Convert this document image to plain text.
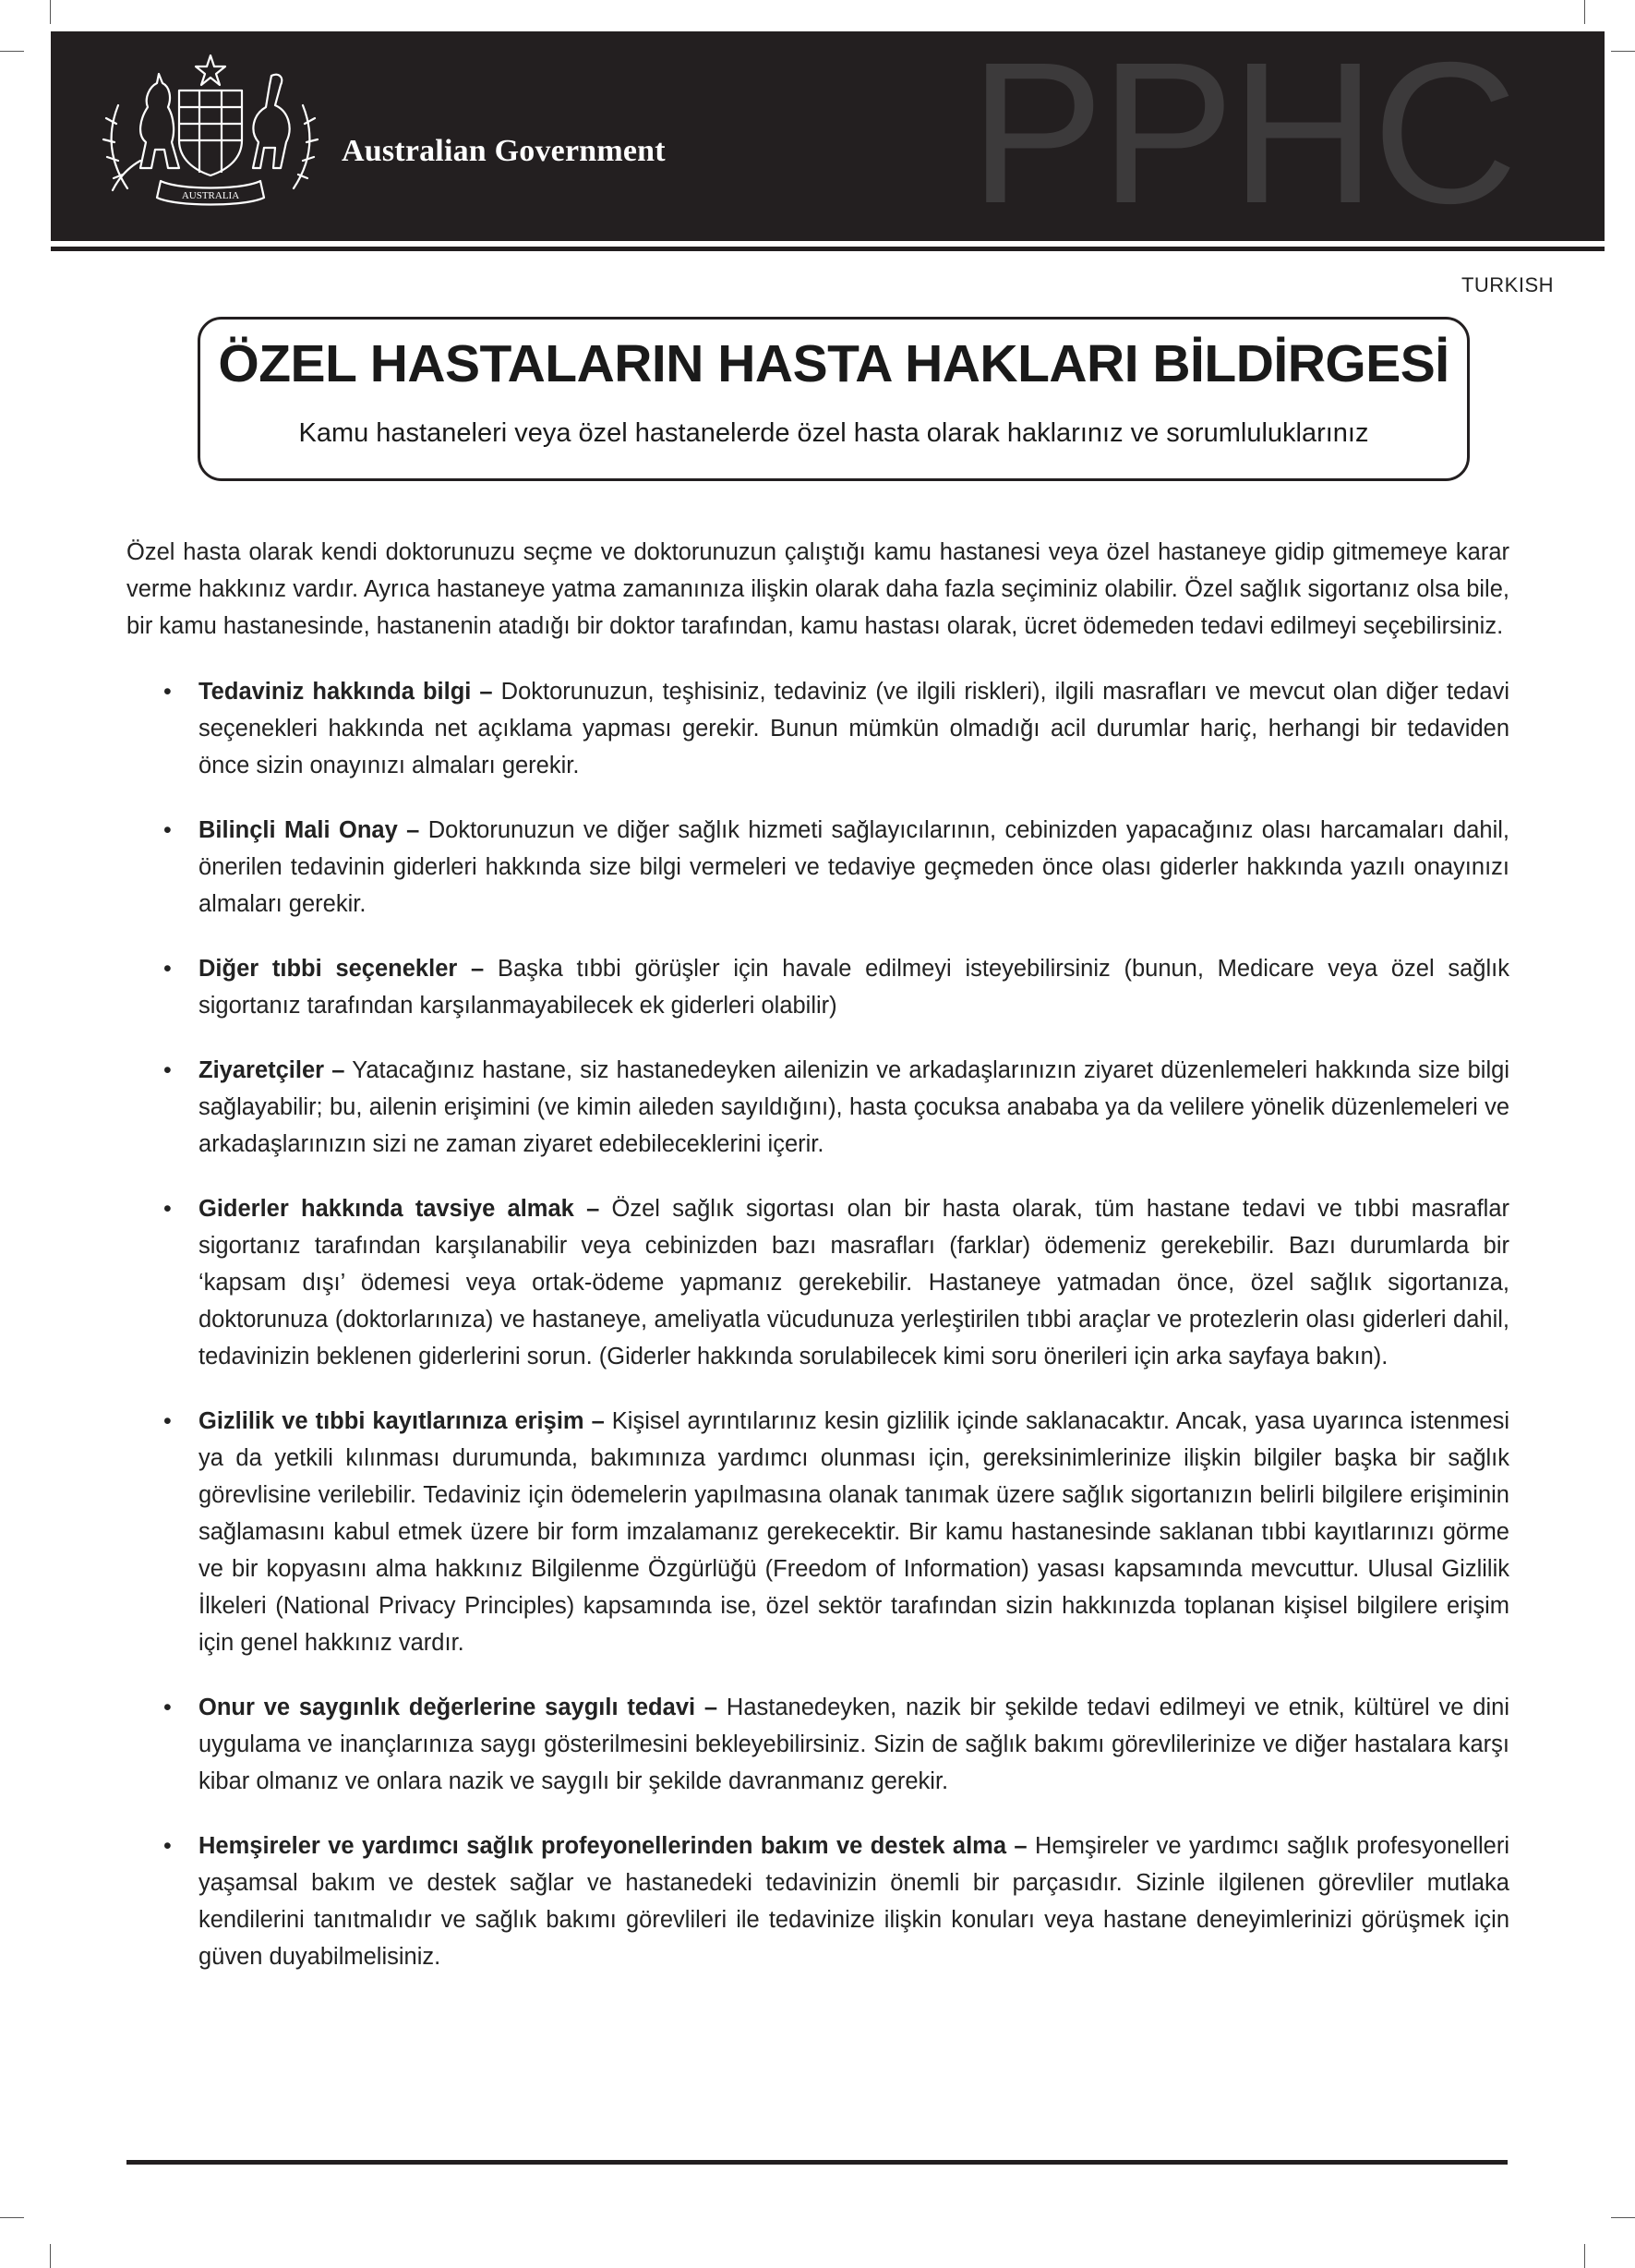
PPHC
AUSTRALIA
Australian Government
TURKISH
ÖZEL HASTALARIN HASTA HAKLARI BİLDİRGESİ
Kamu hastaneleri veya özel hastanelerde özel hasta olarak haklarınız ve sorumluluklarınız

Özel hasta olarak kendi doktorunuzu seçme ve doktorunuzun çalıştığı kamu hastanesi veya özel hastaneye gidip gitmemeye karar verme hakkınız vardır. Ayrıca hastaneye yatma zamanınıza ilişkin olarak daha fazla seçiminiz olabilir. Özel sağlık sigortanız olsa bile, bir kamu hastanesinde, hastanenin atadığı bir doktor tarafından, kamu hastası olarak, ücret ödemeden tedavi edilmeyi seçebilirsiniz.

• Tedaviniz hakkında bilgi – Doktorunuzun, teşhisiniz, tedaviniz (ve ilgili riskleri), ilgili masrafları ve mevcut olan diğer tedavi seçenekleri hakkında net açıklama yapması gerekir. Bunun mümkün olmadığı acil durumlar hariç, herhangi bir tedaviden önce sizin onayınızı almaları gerekir.
• Bilinçli Mali Onay – Doktorunuzun ve diğer sağlık hizmeti sağlayıcılarının, cebinizden yapacağınız olası harcamaları dahil, önerilen tedavinin giderleri hakkında size bilgi vermeleri ve tedaviye geçmeden önce olası giderler hakkında yazılı onayınızı almaları gerekir.
• Diğer tıbbi seçenekler – Başka tıbbi görüşler için havale edilmeyi isteyebilirsiniz (bunun, Medicare veya özel sağlık sigortanız tarafından karşılanmayabilecek ek giderleri olabilir)
• Ziyaretçiler – Yatacağınız hastane, siz hastanedeyken ailenizin ve arkadaşlarınızın ziyaret düzenlemeleri hakkında size bilgi sağlayabilir; bu, ailenin erişimini (ve kimin aileden sayıldığını), hasta çocuksa anababa ya da velilere yönelik düzenlemeleri ve arkadaşlarınızın sizi ne zaman ziyaret edebileceklerini içerir.
• Giderler hakkında tavsiye almak – Özel sağlık sigortası olan bir hasta olarak, tüm hastane tedavi ve tıbbi masraflar sigortanız tarafından karşılanabilir veya cebinizden bazı masrafları (farklar) ödemeniz gerekebilir. Bazı durumlarda bir ‘kapsam dışı’ ödemesi veya ortak-ödeme yapmanız gerekebilir. Hastaneye yatmadan önce, özel sağlık sigortanıza, doktorunuza (doktorlarınıza) ve hastaneye, ameliyatla vücudunuza yerleştirilen tıbbi araçlar ve protezlerin olası giderleri dahil, tedavinizin beklenen giderlerini sorun. (Giderler hakkında sorulabilecek kimi soru önerileri için arka sayfaya bakın).
• Gizlilik ve tıbbi kayıtlarınıza erişim – Kişisel ayrıntılarınız kesin gizlilik içinde saklanacaktır. Ancak, yasa uyarınca istenmesi ya da yetkili kılınması durumunda, bakımınıza yardımcı olunması için, gereksinimlerinize ilişkin bilgiler başka bir sağlık görevlisine verilebilir. Tedaviniz için ödemelerin yapılmasına olanak tanımak üzere sağlık sigortanızın belirli bilgilere erişiminin sağlamasını kabul etmek üzere bir form imzalamanız gerekecektir. Bir kamu hastanesinde saklanan tıbbi kayıtlarınızı görme ve bir kopyasını alma hakkınız Bilgilenme Özgürlüğü (Freedom of Information) yasası kapsamında mevcuttur. Ulusal Gizlilik İlkeleri (National Privacy Principles) kapsamında ise, özel sektör tarafından sizin hakkınızda toplanan kişisel bilgilere erişim için genel hakkınız vardır.
• Onur ve saygınlık değerlerine saygılı tedavi – Hastanedeyken, nazik bir şekilde tedavi edilmeyi ve etnik, kültürel ve dini uygulama ve inançlarınıza saygı gösterilmesini bekleyebilirsiniz. Sizin de sağlık bakımı görevlilerinize ve diğer hastalara karşı kibar olmanız ve onlara nazik ve saygılı bir şekilde davranmanız gerekir.
• Hemşireler ve yardımcı sağlık profeyonellerinden bakım ve destek alma – Hemşireler ve yardımcı sağlık profesyonelleri yaşamsal bakım ve destek sağlar ve hastanedeki tedavinizin önemli bir parçasıdır. Sizinle ilgilenen görevliler mutlaka kendilerini tanıtmalıdır ve sağlık bakımı görevlileri ile tedavinize ilişkin konuları veya hastane deneyimlerinizi görüşmek için güven duyabilmelisiniz.
